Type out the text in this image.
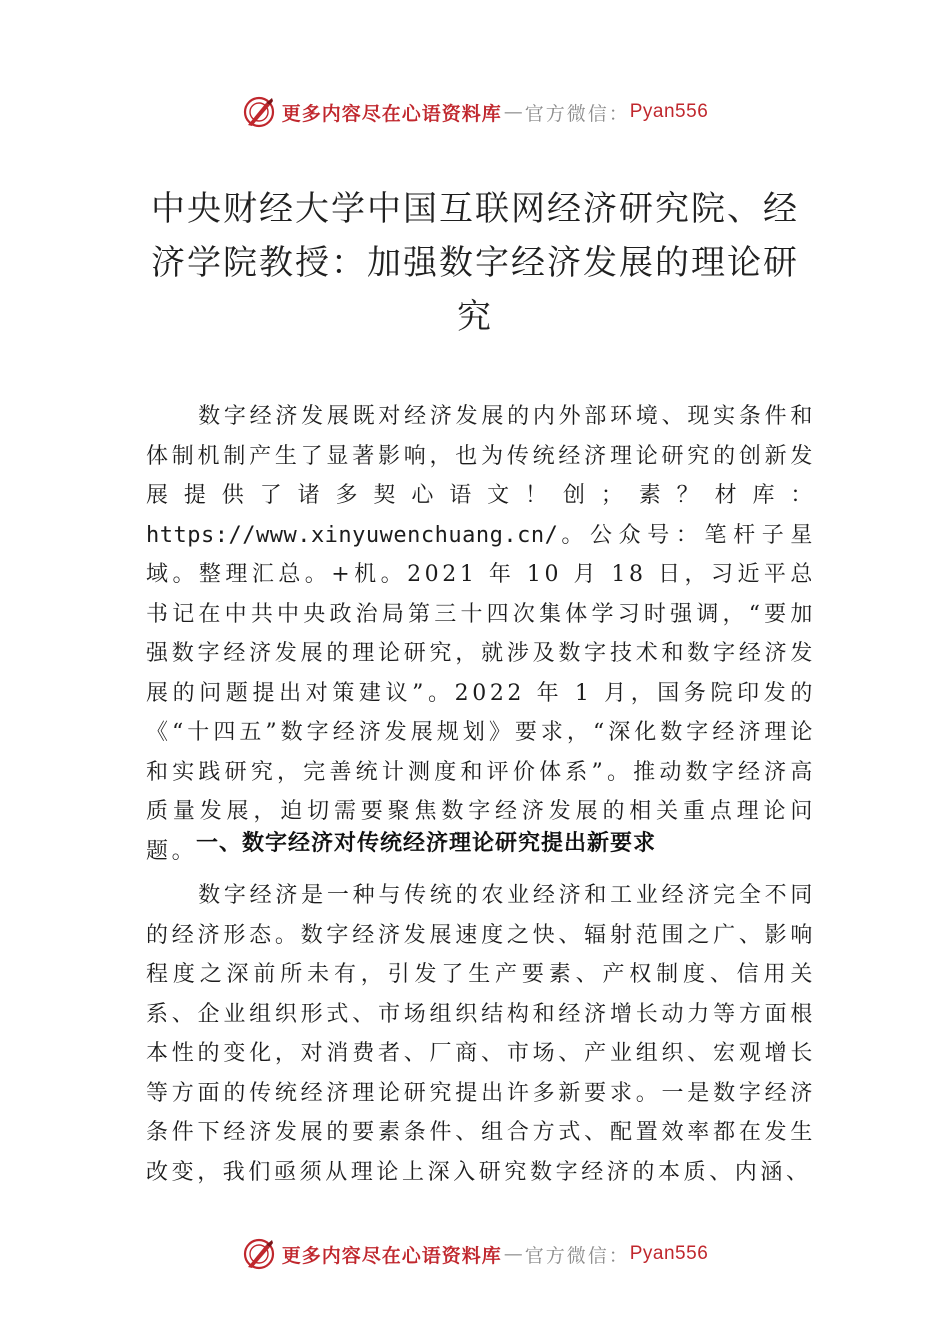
更多内容尽在心语资料库 — 官方微信： Pyan556
中央财经大学中国互联网经济研究院、经济学院教授：加强数字经济发展的理论研究

数字经济发展既对经济发展的内外部环境、现实条件和体制机制产生了显著影响，也为传统经济理论研究的创新发展提供了诸多契心语文！创；素？材库：https://www.xinyuwenchuang.cn/。公众号：笔杆子星域。整理汇总。+机。2021 年 10 月 18 日，习近平总书记在中共中央政治局第三十四次集体学习时强调，“要加强数字经济发展的理论研究，就涉及数字技术和数字经济发展的问题提出对策建议”。2022 年 1 月，国务院印发的《“十四五”数字经济发展规划》要求，“深化数字经济理论和实践研究，完善统计测度和评价体系”。推动数字经济高质量发展，迫切需要聚焦数字经济发展的相关重点理论问题。

一、数字经济对传统经济理论研究提出新要求

数字经济是一种与传统的农业经济和工业经济完全不同的经济形态。数字经济发展速度之快、辐射范围之广、影响程度之深前所未有，引发了生产要素、产权制度、信用关系、企业组织形式、市场组织结构和经济增长动力等方面根本性的变化，对消费者、厂商、市场、产业组织、宏观增长等方面的传统经济理论研究提出许多新要求。一是数字经济条件下经济发展的要素条件、组合方式、配置效率都在发生改变，我们亟须从理论上深入研究数字经济的本质、内涵、

更多内容尽在心语资料库 — 官方微信： Pyan556
